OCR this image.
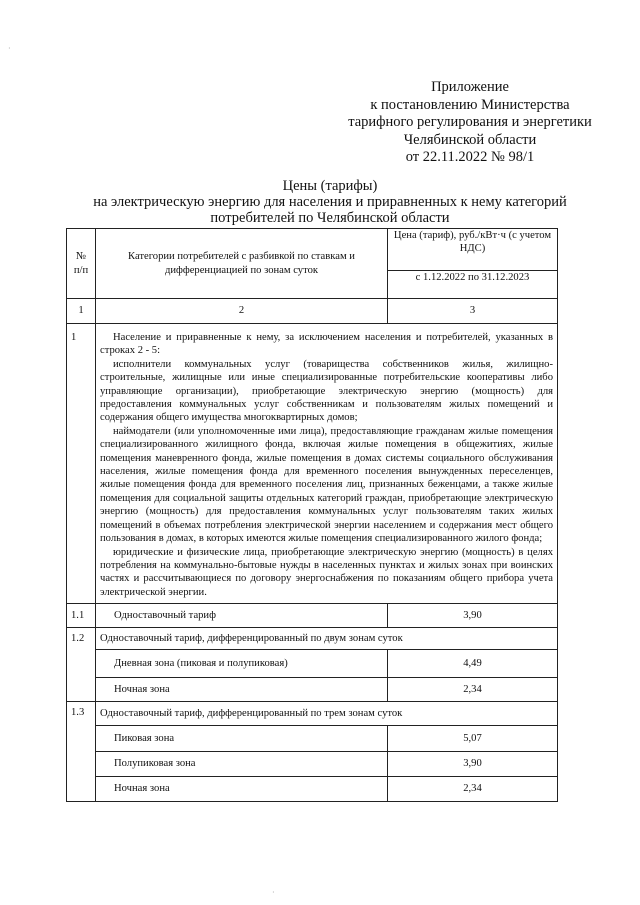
Приложение
к постановлению Министерства
тарифного регулирования и энергетики
Челябинской области
от 22.11.2022 № 98/1
Цены (тарифы)
на электрическую энергию для населения и приравненных к нему категорий
потребителей по Челябинской области
№ п/п	Категории потребителей с разбивкой по ставкам и дифференциацией по зонам суток	Цена (тариф), руб./кВт·ч (с учетом НДС)
		с 1.12.2022 по 31.12.2023
1	2	3
1	Население и приравненные к нему, за исключением населения и потребителей, указанных в строках 2 - 5:

исполнители коммунальных услуг (товарищества собственников жилья, жилищно-строительные, жилищные или иные специализированные потребительские кооперативы либо управляющие организации), приобретающие электрическую энергию (мощность) для предоставления коммунальных услуг собственникам и пользователям жилых помещений и содержания общего имущества многоквартирных домов;

наймодатели (или уполномоченные ими лица), предоставляющие гражданам жилые помещения специализированного жилищного фонда, включая жилые помещения в общежитиях, жилые помещения маневренного фонда, жилые помещения в домах системы социального обслуживания населения, жилые помещения фонда для временного поселения вынужденных переселенцев, жилые помещения фонда для временного поселения лиц, признанных беженцами, а также жилые помещения для социальной защиты отдельных категорий граждан, приобретающие электрическую энергию (мощность) для предоставления коммунальных услуг пользователям таких жилых помещений в объемах потребления электрической энергии населением и содержания мест общего пользования в домах, в которых имеются жилые помещения специализированного жилого фонда;

юридические и физические лица, приобретающие электрическую энергию (мощность) в целях потребления на коммунально-бытовые нужды в населенных пунктах и жилых зонах при воинских частях и рассчитывающиеся по договору энергоснабжения по показаниям общего прибора учета электрической энергии.	

1.1	Одноставочный тариф	3,90
1.2	Одноставочный тариф, дифференцированный по двум зонам суток	
	Дневная зона (пиковая и полупиковая)	4,49
	Ночная зона	2,34
1.3	Одноставочный тариф, дифференцированный по трем зонам суток	
	Пиковая зона	5,07
	Полупиковая зона	3,90
	Ночная зона	2,34
·
·
